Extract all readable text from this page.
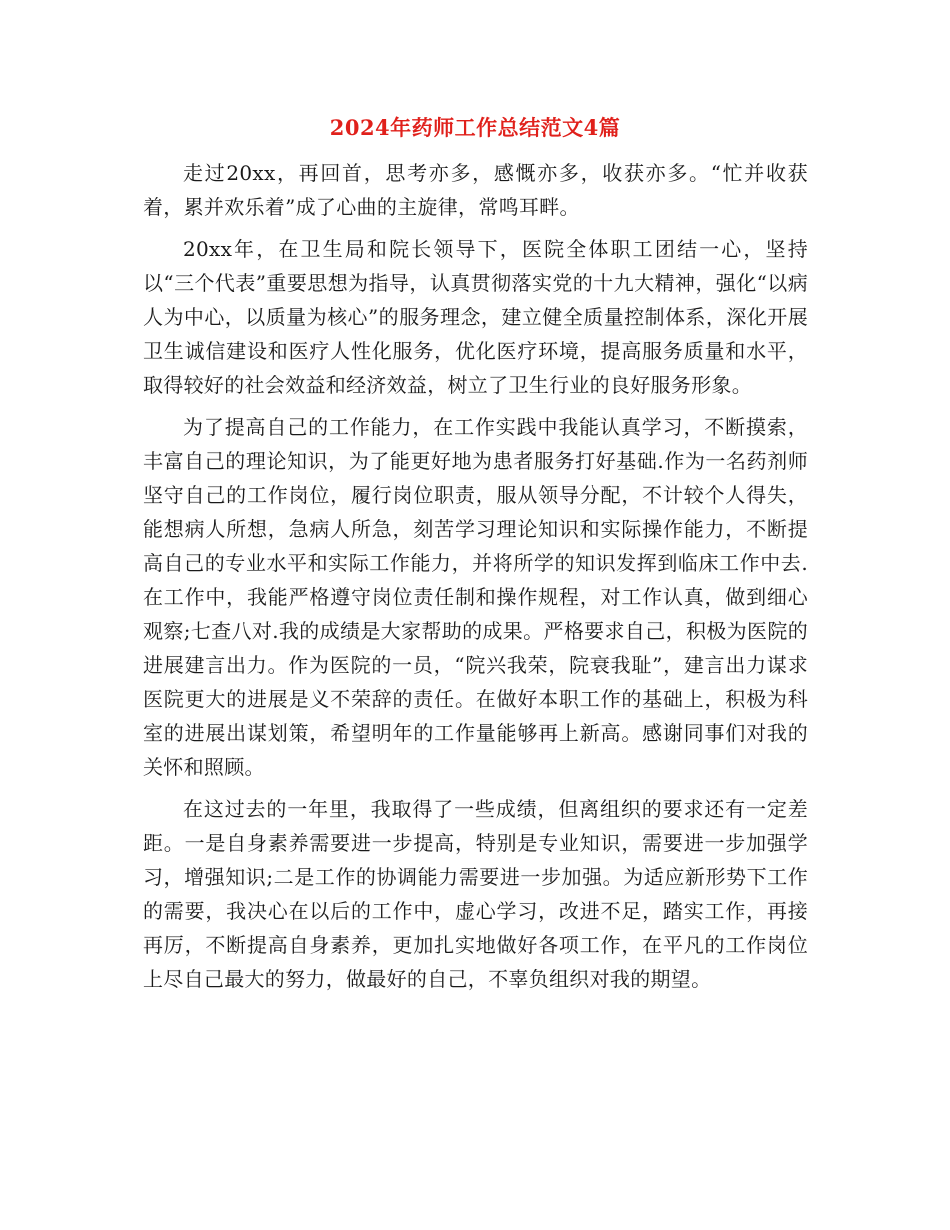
2024年药师工作总结范文4篇

走过20xx，再回首，思考亦多，感慨亦多，收获亦多。“忙并收获着，累并欢乐着”成了心曲的主旋律，常鸣耳畔。

20xx年，在卫生局和院长领导下，医院全体职工团结一心，坚持以“三个代表”重要思想为指导，认真贯彻落实党的十九大精神，强化“以病人为中心，以质量为核心”的服务理念，建立健全质量控制体系，深化开展卫生诚信建设和医疗人性化服务，优化医疗环境，提高服务质量和水平，取得较好的社会效益和经济效益，树立了卫生行业的良好服务形象。

为了提高自己的工作能力，在工作实践中我能认真学习，不断摸索，丰富自己的理论知识，为了能更好地为患者服务打好基础.作为一名药剂师坚守自己的工作岗位，履行岗位职责，服从领导分配，不计较个人得失，能想病人所想，急病人所急，刻苦学习理论知识和实际操作能力，不断提高自己的专业水平和实际工作能力，并将所学的知识发挥到临床工作中去.在工作中，我能严格遵守岗位责任制和操作规程，对工作认真，做到细心观察;七查八对.我的成绩是大家帮助的成果。严格要求自己，积极为医院的进展建言出力。作为医院的一员，“院兴我荣，院衰我耻”，建言出力谋求医院更大的进展是义不荣辞的责任。在做好本职工作的基础上，积极为科室的进展出谋划策，希望明年的工作量能够再上新高。感谢同事们对我的关怀和照顾。

在这过去的一年里，我取得了一些成绩，但离组织的要求还有一定差距。一是自身素养需要进一步提高，特别是专业知识，需要进一步加强学习，增强知识;二是工作的协调能力需要进一步加强。为适应新形势下工作的需要，我决心在以后的工作中，虚心学习，改进不足，踏实工作，再接再厉，不断提高自身素养，更加扎实地做好各项工作，在平凡的工作岗位上尽自己最大的努力，做最好的自己，不辜负组织对我的期望。
